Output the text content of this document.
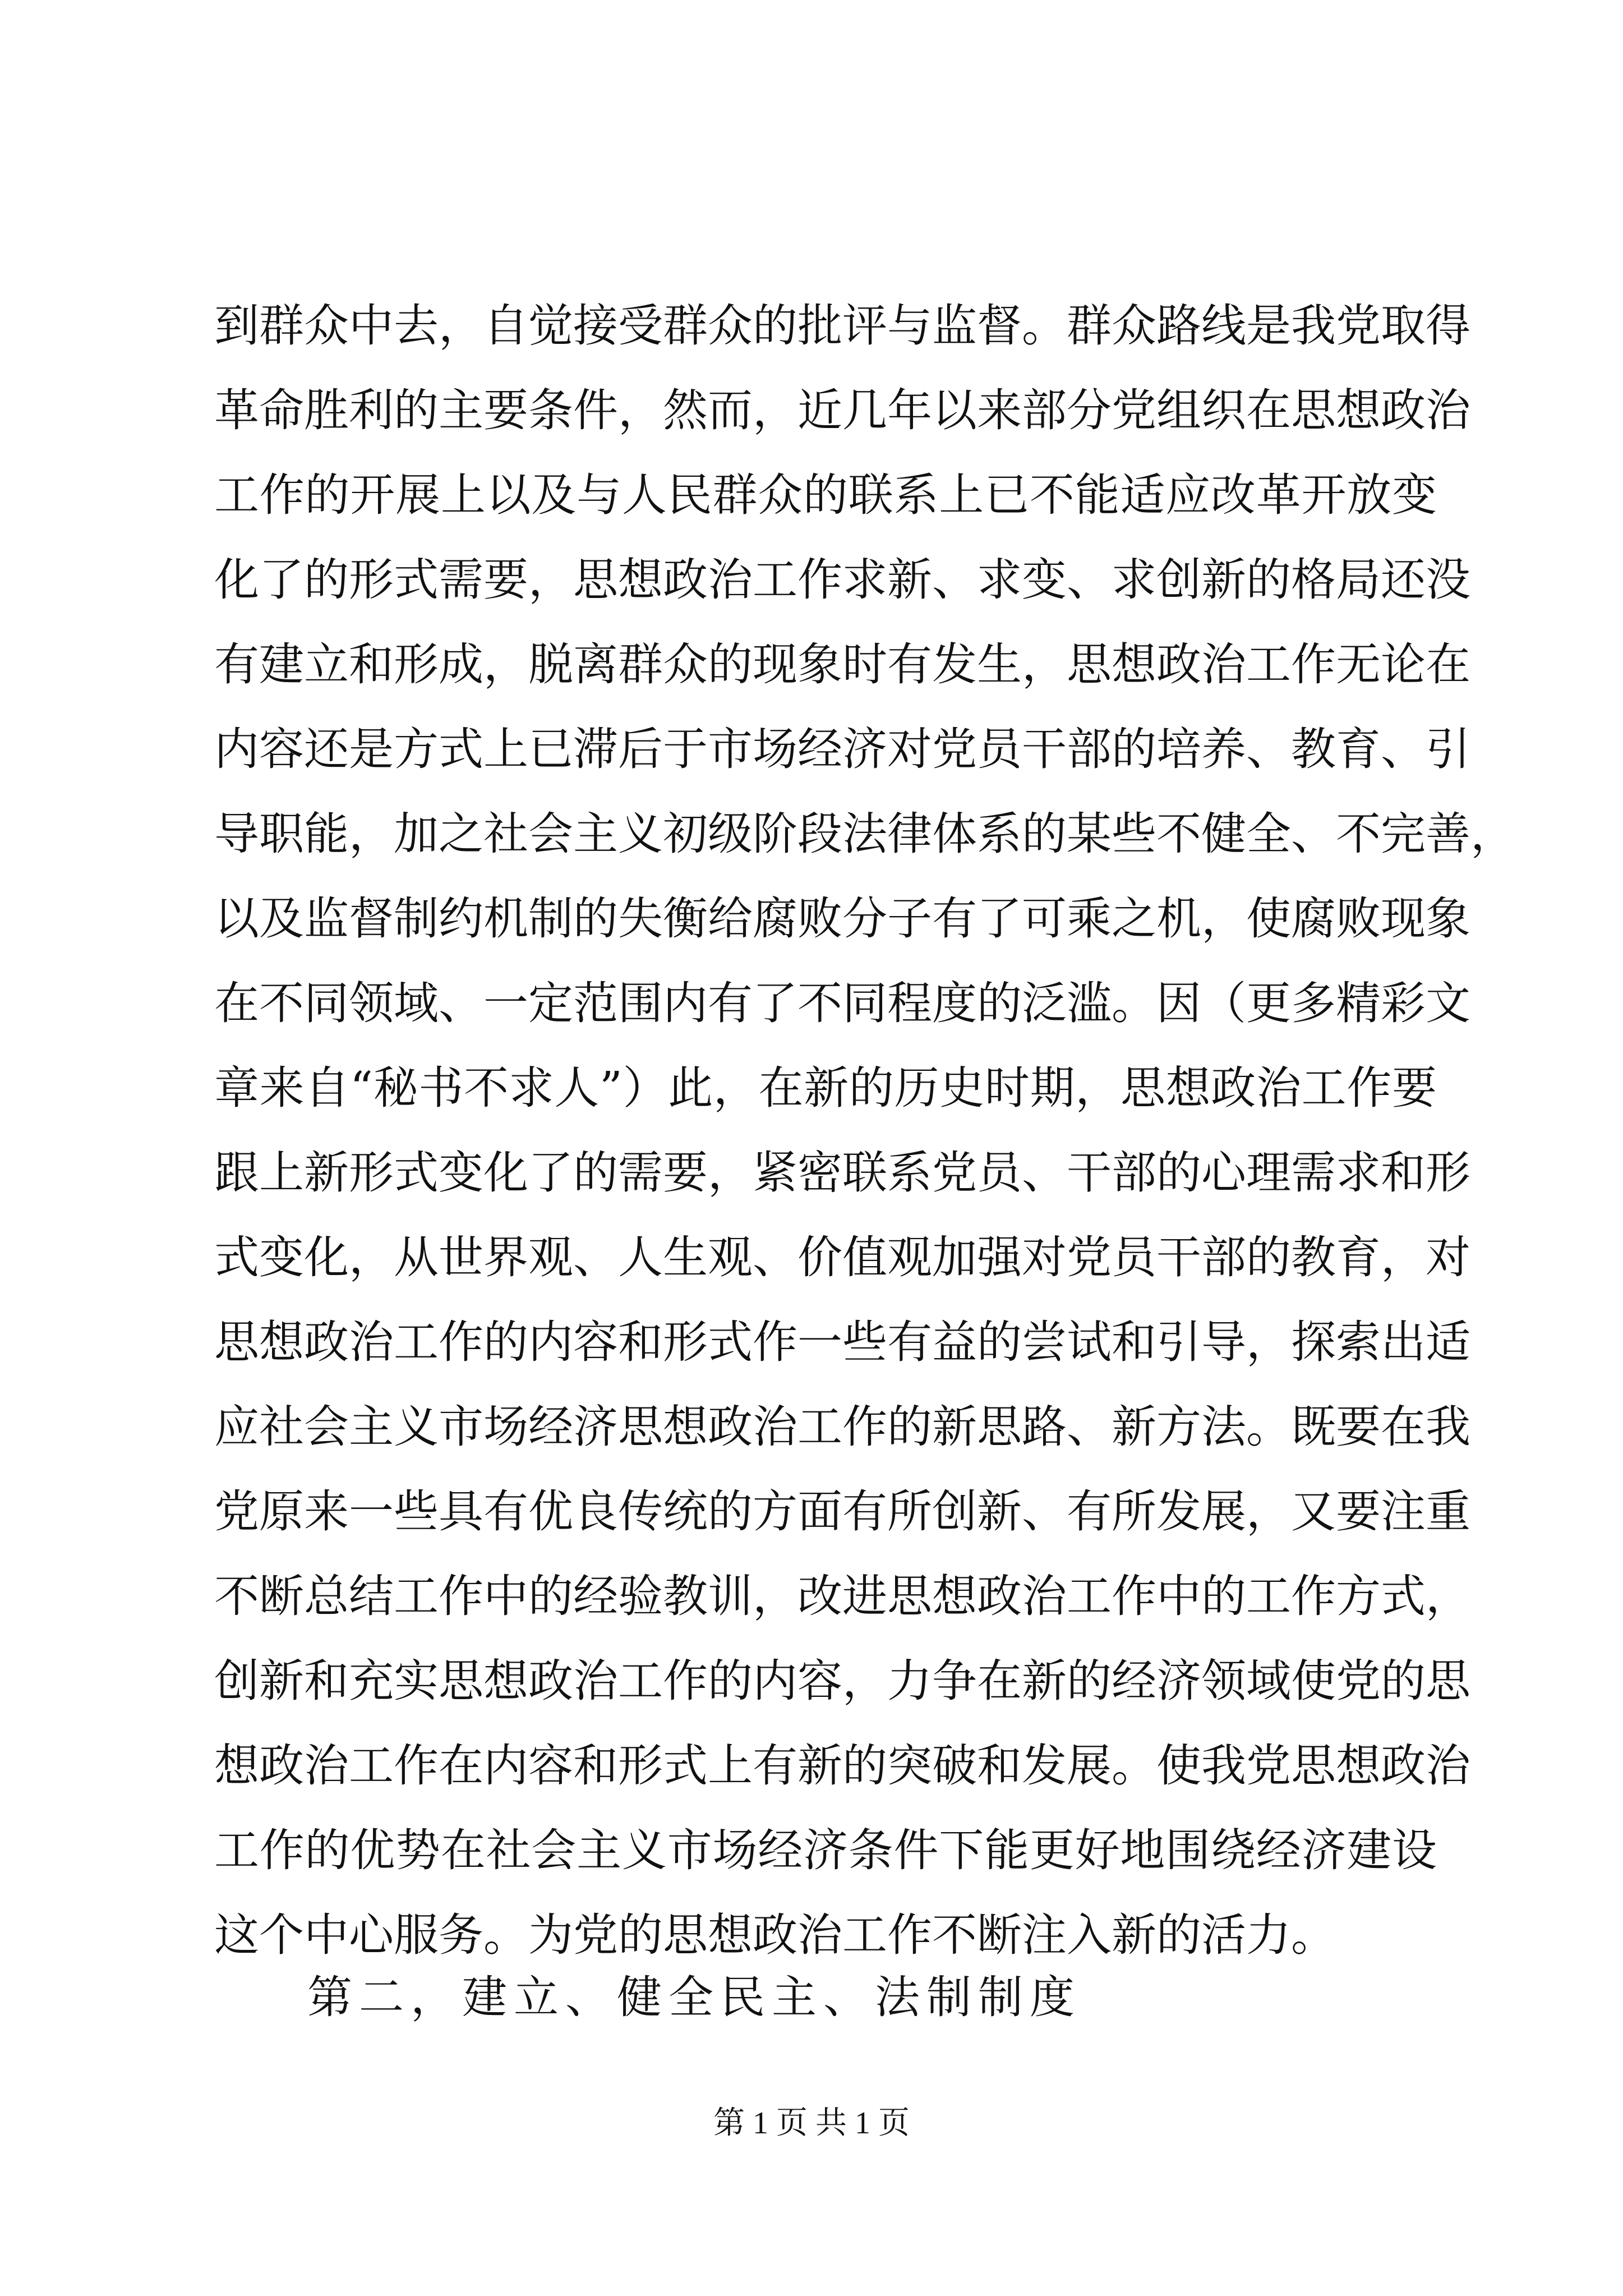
到群众中去，自觉接受群众的批评与监督。群众路线是我党取得
革命胜利的主要条件，然而，近几年以来部分党组织在思想政治
工作的开展上以及与人民群众的联系上已不能适应改革开放变
化了的形式需要，思想政治工作求新、求变、求创新的格局还没
有建立和形成，脱离群众的现象时有发生，思想政治工作无论在
内容还是方式上已滞后于市场经济对党员干部的培养、教育、引
导职能，加之社会主义初级阶段法律体系的某些不健全、不完善，
以及监督制约机制的失衡给腐败分子有了可乘之机，使腐败现象
在不同领域、一定范围内有了不同程度的泛滥。因（更多精彩文
章来自“秘书不求人”）此，在新的历史时期，思想政治工作要
跟上新形式变化了的需要，紧密联系党员、干部的心理需求和形
式变化，从世界观、人生观、价值观加强对党员干部的教育，对
思想政治工作的内容和形式作一些有益的尝试和引导，探索出适
应社会主义市场经济思想政治工作的新思路、新方法。既要在我
党原来一些具有优良传统的方面有所创新、有所发展，又要注重
不断总结工作中的经验教训，改进思想政治工作中的工作方式，
创新和充实思想政治工作的内容，力争在新的经济领域使党的思
想政治工作在内容和形式上有新的突破和发展。使我党思想政治
工作的优势在社会主义市场经济条件下能更好地围绕经济建设
这个中心服务。为党的思想政治工作不断注入新的活力。
第二，建立、健全民主、法制制度
第 1 页 共 1 页
